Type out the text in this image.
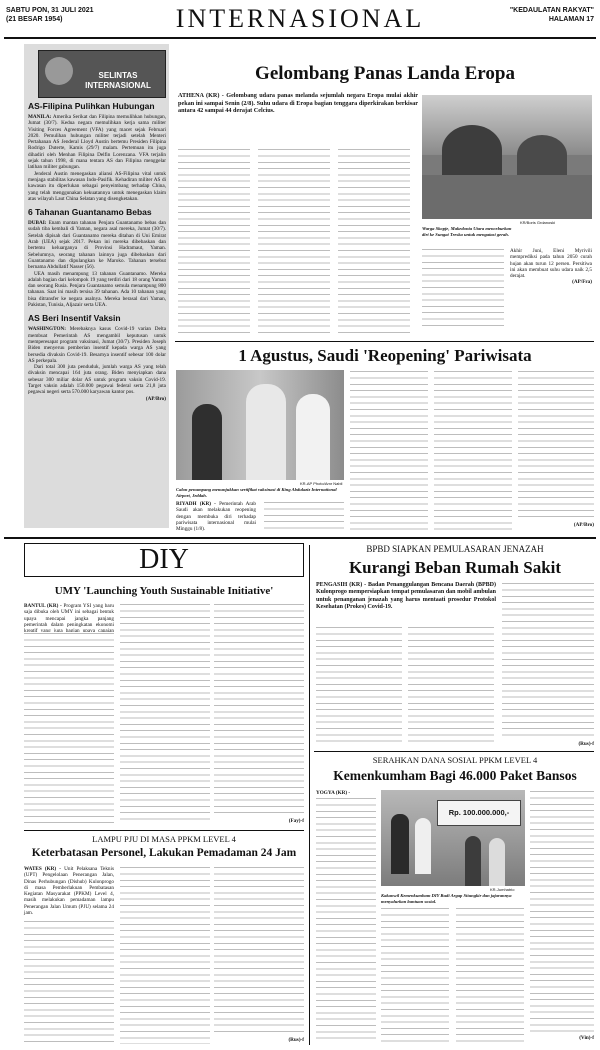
SABTU PON, 31 JULI 2021
(21 BESAR 1954)	INTERNASIONAL	"KEDAULATAN RAKYAT"
HALAMAN 17
SELINTAS INTERNASIONAL
AS-Filipina Pulihkan Hubungan

MANILA: Amerika Serikat dan Filipina memulihkan hubungan, Jumat (30/7). Kedua negara memulihkan kerja sama militer Visiting Forces Agreement (VFA) yang macet sejak Februari 2020. Pemulihan hubungan militer terjadi setelah Menteri Pertahanan AS Jenderal Lloyd Austin bertemu Presiden Filipina Rodrigo Duterte, Kamis (29/7) malam. Pertemuan itu juga dihadiri oleh Menhan Filipina Delfin Lorenzana. VFA terjalin sejak tahun 1998, di mana tentara AS dan Filipina menggelar latihan militer gabungan.

Jenderal Austin menegaskan aliansi AS-Filipina vital untuk menjaga stabilitas kawasan Indo-Pasifik. Kehadiran militer AS di kawasan itu diperlukan sebagai penyeimbang terhadap China, yang telah menggunakan kekuatannya untuk menegaskan klaim atas wilayah Laut China Selatan yang disengketakan.

6 Tahanan Guantanamo Bebas

DUBAI: Enam mantan tahanan Penjara Guantanamo bebas dan sudah tiba kembali di Yaman, negara asal mereka, Jumat (30/7). Setelah dipisah dari Guantanamo mereka ditahan di Uni Emirat Arab (UEA) sejak 2017. Pekan ini mereka dibebaskan dan bertemu keluarganya di Provinsi Hadramaut, Yaman. Sebelumnya, seorang tahanan lainnya juga dibebaskan dari Guantanamo dan dipulangkan ke Maroko. Tahanan tersebut bernama Abdullatif Nasser (56).

UEA masih menampung 13 tahanan Guantanamo. Mereka adalah bagian dari kelompok 19 yang terdiri dari 18 orang Yaman dan seorang Rusia. Penjara Guantanamo semula menampung 800 tahanan. Saat ini masih tersisa 39 tahanan. Ada 10 tahanan yang bisa ditransfer ke negara asalnya. Mereka berasal dari Yaman, Pakistan, Tunisia, Aljazair serta UEA.

AS Beri Insentif Vaksin

WASHINGTON: Merebaknya kasus Covid-19 varian Delta membuat Pemerintah AS mengambil keputusan untuk memperesapat program vaksinasi, Jumat (30/7). Presiden Joseph Biden menyeruu pemberian insentif kepada warga AS yang bersedia divaksin Covid-19. Besarnya insentif sebesar 100 dolar AS perkepala.

Dari total 300 juta penduduk, jumlah warga AS yang telah divaksin mencapai 164 juta orang. Biden menyiapkan dana sebesar 300 miliar dolar AS untuk program vaksin Covid-19. Target vaksin adalah 150.000 pegawai federal serta 21,8 juta pegawai negeri serta 570.000 karyawan kantor pos.

(AP/Bro)

Gelombang Panas Landa Eropa
ATHENA (KR) - Gelombang udara panas melanda sejumlah negara Eropa mulai akhir pekan ini sampai Senin (2/8). Suhu udara di Eropa bagian tenggara diperkirakan berkisar antara 42 sampai 44 derajat Celcius.
KR/Boris Grdanoski
Warga Skopje, Makedonia Utara menceburkan diri ke Sungai Treska untuk mengatasi gerah.

Akhir Juni, Eleni Myrivili memprediksi pada tahun 2050 curah hujan akan turun 12 persen. Persitiwa ini akan membuat suhu udara naik 2,5 derajat.

(AP/Fra)

1 Agustus, Saudi 'Reopening' Pariwisata
KR-AP Photo/Amr Nabil
Calon penumpang menunjukkan sertifikat vaksinasi di King Abdulaziz International Airport, Jeddah.

RIYADH (KR) - Pemerintah Arab Saudi akan melakukan reopening dengan membuka diri terhadap pariwisata internasional mulai Minggu (1/8).

(AP/Bro)

DIY
UMY 'Launching Youth Sustainable Initiative'

BANTUL (KR) - Program YSI yang baru saja dibuka oleh UMY ini sebagai bentuk upaya mencapai jangka panjang pemerintah dalam peningkatan ekonomi

(Fay)-f
LAMPU PJU DI MASA PPKM LEVEL 4
Keterbatasan Personel, Lakukan Pemadaman 24 Jam

WATES (KR) - Unit Pelaksana Teknis (UPT) Pengelolaan Penerangan Jalan, Dinas Perhubungan (Dishub) Kulonprogo di masa Pemberlakuan Pembatasan Kegiatan Masyarakat (PPKM) Level 4, masih melakukan pemadaman lampu Penerangan Jalan Umum (PJU) selama 24 jam.

(Rus)-f
BPBD SIAPKAN PEMULASARAN JENAZAH
Kurangi Beban Rumah Sakit
PENGASIH (KR) - Badan Penanggulangan Bencana Daerah (BPBD) Kulonprogo mempersiapkan tempat pemulasaran dan mobil ambulan untuk penanganan jenazah yang harus mentaati prosedur Protokol Kesehatan (Prokes) Covid-19.
(Rus)-f
SERAHKAN DANA SOSIAL PPKM LEVEL 4
Kemenkumham Bagi 46.000 Paket Bansos

YOGYA (KR) -

Rp. 100.000.000,-
KR-Jumhatrio
Kakanwil Kemenkumham DIY Budi Argap Situngkir dan jajarannya menyalurkan bantuan sosial.
(Vin)-f
